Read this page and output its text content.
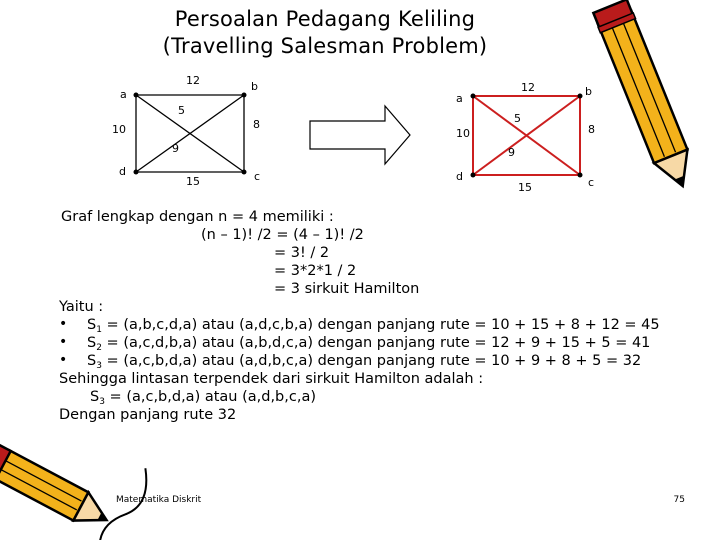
Persoalan Pedagang Keliling
(Travelling Salesman Problem)
a
b
c
d
12
10	8
15
5
9
a
b
c
d
12
10	8
15
5
9
Graf lengkap dengan n = 4 memiliki :
(n – 1)! /2 = (4 – 1)! /2
= 3! / 2
= 3*2*1 / 2
= 3 sirkuit Hamilton
Yaitu :
• $S_1 = (a,b,c,d,a)$ atau (a,d,c,b,a) dengan panjang rute = 10 + 15 + 8 + 12 = 45
• $S_2 = (a,c,d,b,a)$ atau (a,b,d,c,a) dengan panjang rute = 12 + 9 + 15 + 5 = 41
• $S_3 = (a,c,b,d,a)$ atau (a,d,b,c,a) dengan panjang rute = 10 + 9 + 8 + 5 = 32
Sehingga lintasan terpendek dari sirkuit Hamilton adalah :
$S_3 = (a,c,b,d,a)$ atau (a,d,b,c,a)
Dengan panjang rute 32
Matematika Diskrit	75
